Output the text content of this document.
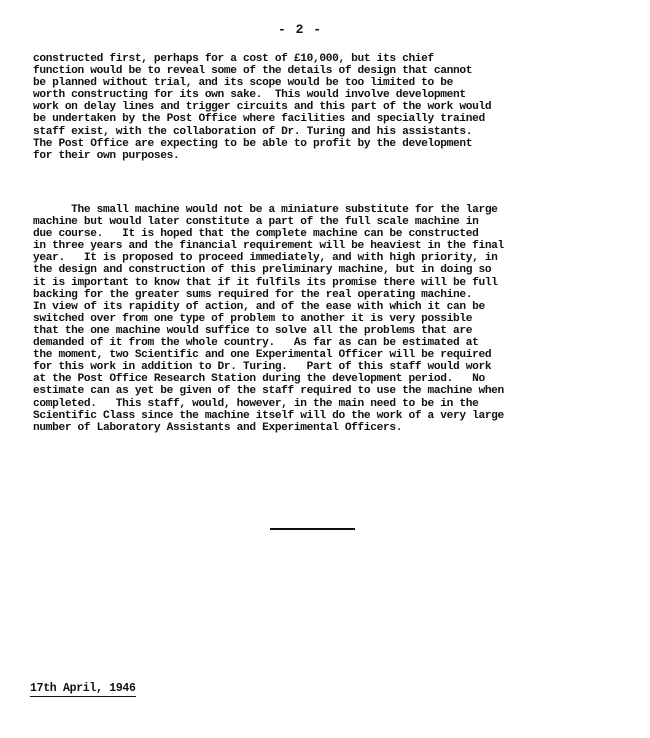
- 2 -
constructed first, perhaps for a cost of £10,000, but its chief
function would be to reveal some of the details of design that cannot
be planned without trial, and its scope would be too limited to be
worth constructing for its own sake.  This would involve development
work on delay lines and trigger circuits and this part of the work would
be undertaken by the Post Office where facilities and specially trained
staff exist, with the collaboration of Dr. Turing and his assistants.
The Post Office are expecting to be able to profit by the development
for their own purposes.
The small machine would not be a miniature substitute for the large
machine but would later constitute a part of the full scale machine in
due course.   It is hoped that the complete machine can be constructed
in three years and the financial requirement will be heaviest in the final
year.   It is proposed to proceed immediately, and with high priority, in
the design and construction of this preliminary machine, but in doing so
it is important to know that if it fulfils its promise there will be full
backing for the greater sums required for the real operating machine.
In view of its rapidity of action, and of the ease with which it can be
switched over from one type of problem to another it is very possible
that the one machine would suffice to solve all the problems that are
demanded of it from the whole country.   As far as can be estimated at
the moment, two Scientific and one Experimental Officer will be required
for this work in addition to Dr. Turing.   Part of this staff would work
at the Post Office Research Station during the development period.   No
estimate can as yet be given of the staff required to use the machine when
completed.   This staff, would, however, in the main need to be in the
Scientific Class since the machine itself will do the work of a very large
number of Laboratory Assistants and Experimental Officers.
17th April, 1946
